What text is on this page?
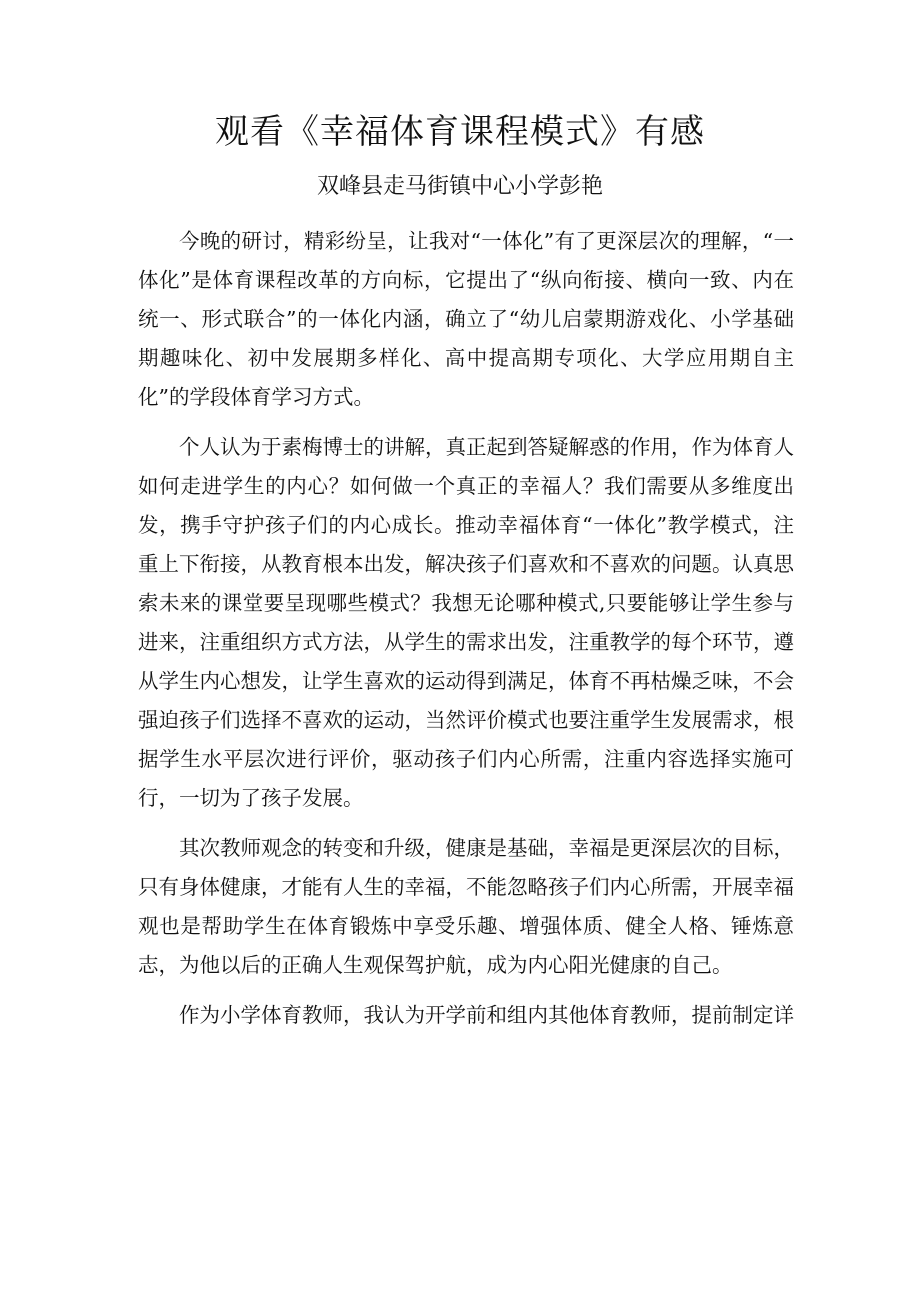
观看《幸福体育课程模式》有感
双峰县走马街镇中心小学彭艳

今晚的研讨，精彩纷呈，让我对“一体化”有了更深层次的理解，“一体化”是体育课程改革的方向标，它提出了“纵向衔接、横向一致、内在统一、形式联合”的一体化内涵，确立了“幼儿启蒙期游戏化、小学基础期趣味化、初中发展期多样化、高中提高期专项化、大学应用期自主化”的学段体育学习方式。

个人认为于素梅博士的讲解，真正起到答疑解惑的作用，作为体育人如何走进学生的内心？如何做一个真正的幸福人？我们需要从多维度出发，携手守护孩子们的内心成长。推动幸福体育“一体化”教学模式，注重上下衔接，从教育根本出发，解决孩子们喜欢和不喜欢的问题。认真思索未来的课堂要呈现哪些模式？我想无论哪种模式,只要能够让学生参与进来，注重组织方式方法，从学生的需求出发，注重教学的每个环节，遵从学生内心想发，让学生喜欢的运动得到满足，体育不再枯燥乏味，不会强迫孩子们选择不喜欢的运动，当然评价模式也要注重学生发展需求，根据学生水平层次进行评价，驱动孩子们内心所需，注重内容选择实施可行，一切为了孩子发展。

其次教师观念的转变和升级，健康是基础，幸福是更深层次的目标，只有身体健康，才能有人生的幸福，不能忽略孩子们内心所需，开展幸福观也是帮助学生在体育锻炼中享受乐趣、增强体质、健全人格、锤炼意志，为他以后的正确人生观保驾护航，成为内心阳光健康的自己。

作为小学体育教师，我认为开学前和组内其他体育教师，提前制定详
